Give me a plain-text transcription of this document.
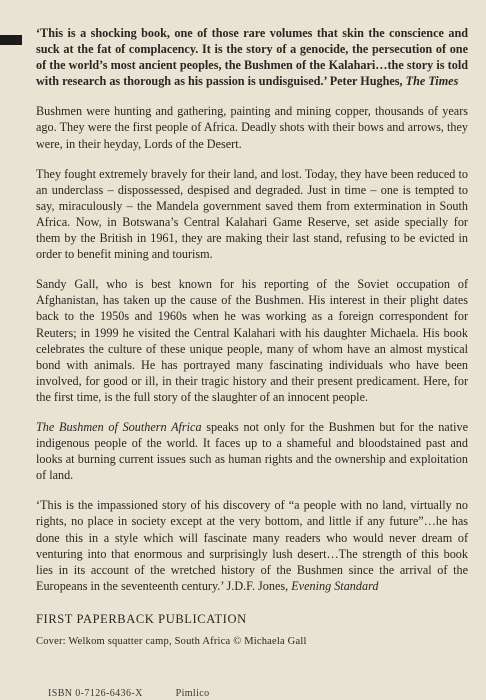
‘This is a shocking book, one of those rare volumes that skin the conscience and suck at the fat of complacency. It is the story of a genocide, the persecution of one of the world’s most ancient peoples, the Bushmen of the Kalahari…the story is told with research as thorough as his passion is undisguised.’ Peter Hughes, The Times

Bushmen were hunting and gathering, painting and mining copper, thousands of years ago. They were the first people of Africa. Deadly shots with their bows and arrows, they were, in their heyday, Lords of the Desert.

They fought extremely bravely for their land, and lost. Today, they have been reduced to an underclass – dispossessed, despised and degraded. Just in time – one is tempted to say, miraculously – the Mandela government saved them from extermination in South Africa. Now, in Botswana’s Central Kalahari Game Reserve, set aside specially for them by the British in 1961, they are making their last stand, refusing to be evicted in order to benefit mining and tourism.

Sandy Gall, who is best known for his reporting of the Soviet occupation of Afghanistan, has taken up the cause of the Bushmen. His interest in their plight dates back to the 1950s and 1960s when he was working as a foreign correspondent for Reuters; in 1999 he visited the Central Kalahari with his daughter Michaela. His book celebrates the culture of these unique people, many of whom have an almost mystical bond with animals. He has portrayed many fascinating individuals who have been involved, for good or ill, in their tragic history and their present predicament. Here, for the first time, is the full story of the slaughter of an innocent people.

The Bushmen of Southern Africa speaks not only for the Bushmen but for the native indigenous people of the world. It faces up to a shameful and bloodstained past and looks at burning current issues such as human rights and the ownership and exploitation of land.

‘This is the impassioned story of his discovery of “a people with no land, virtually no rights, no place in society except at the very bottom, and little if any future”…he has done this in a style which will fascinate many readers who would never dream of venturing into that enormous and surprisingly lush desert…The strength of this book lies in its account of the wretched history of the Bushmen since the arrival of the Europeans in the seventeenth century.’ J.D.F. Jones, Evening Standard

FIRST PAPERBACK PUBLICATION
Cover: Welkom squatter camp, South Africa © Michaela Gall
ISBN 0-7126-6436-X	Pimlico
